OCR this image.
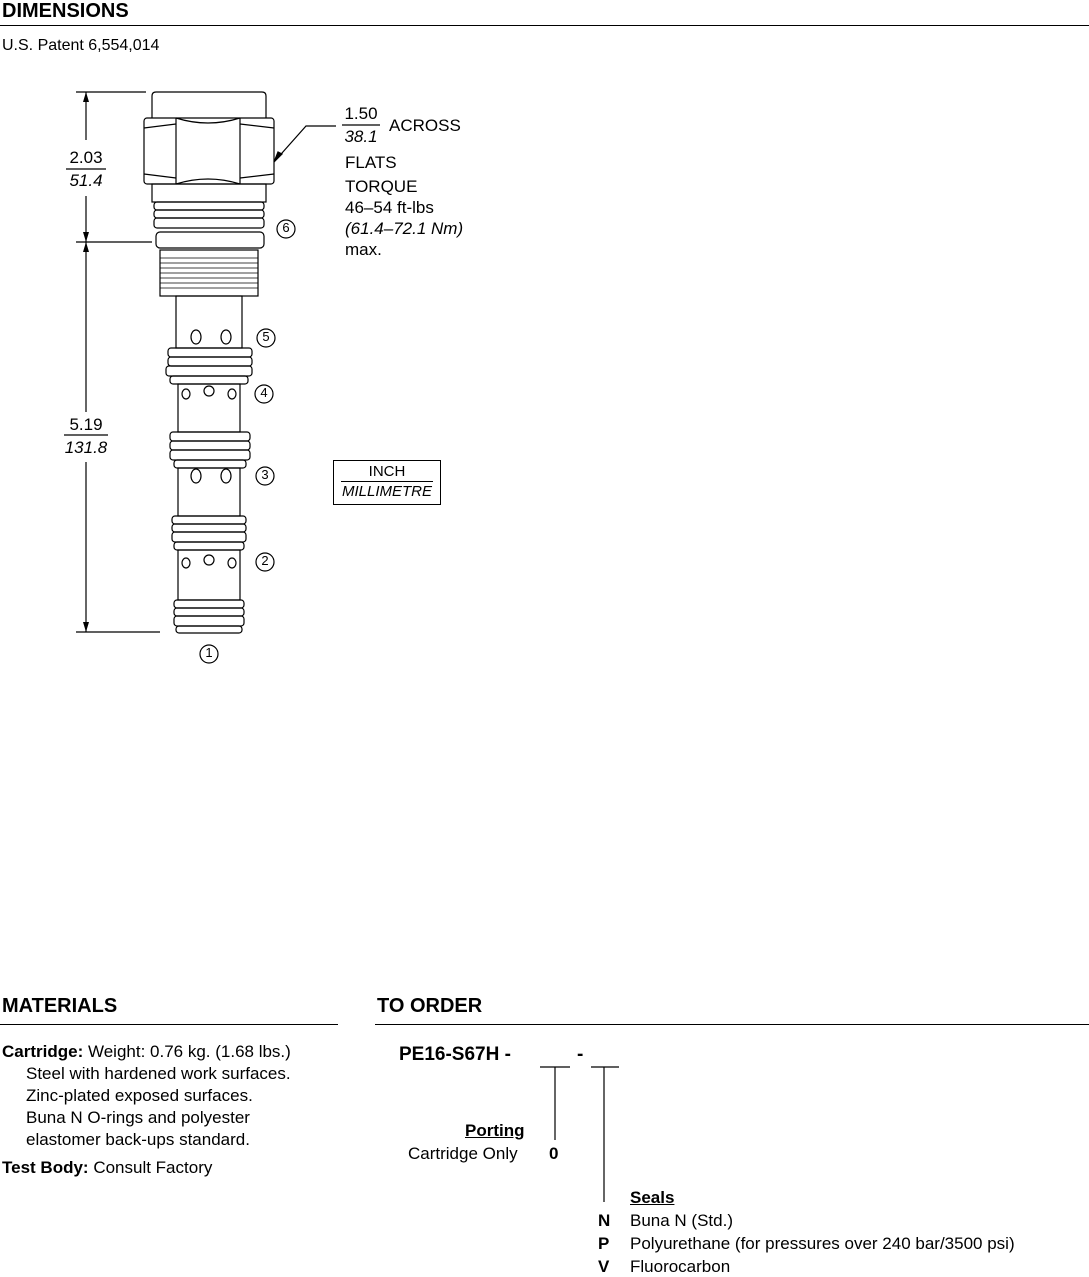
DIMENSIONS
U.S. Patent 6,554,014
6
5
4
3
2
1
2.03
51.4
5.19
131.8
1.50
38.1
ACROSS
FLATS
TORQUE
46–54 ft-lbs
(61.4–72.1 Nm)
max.
INCH
MILLIMETRE
MATERIALS
Cartridge: Weight: 0.76 kg. (1.68 lbs.)
Steel with hardened work surfaces.
Zinc-plated exposed surfaces.
Buna N O-rings and polyester
elastomer back-ups standard.
Test Body: Consult Factory
TO ORDER
PE16-S67H -	-
Porting
Cartridge Only 0
Seals
N Buna N (Std.)
P Polyurethane (for pressures over 240 bar/3500 psi)
V Fluorocarbon
